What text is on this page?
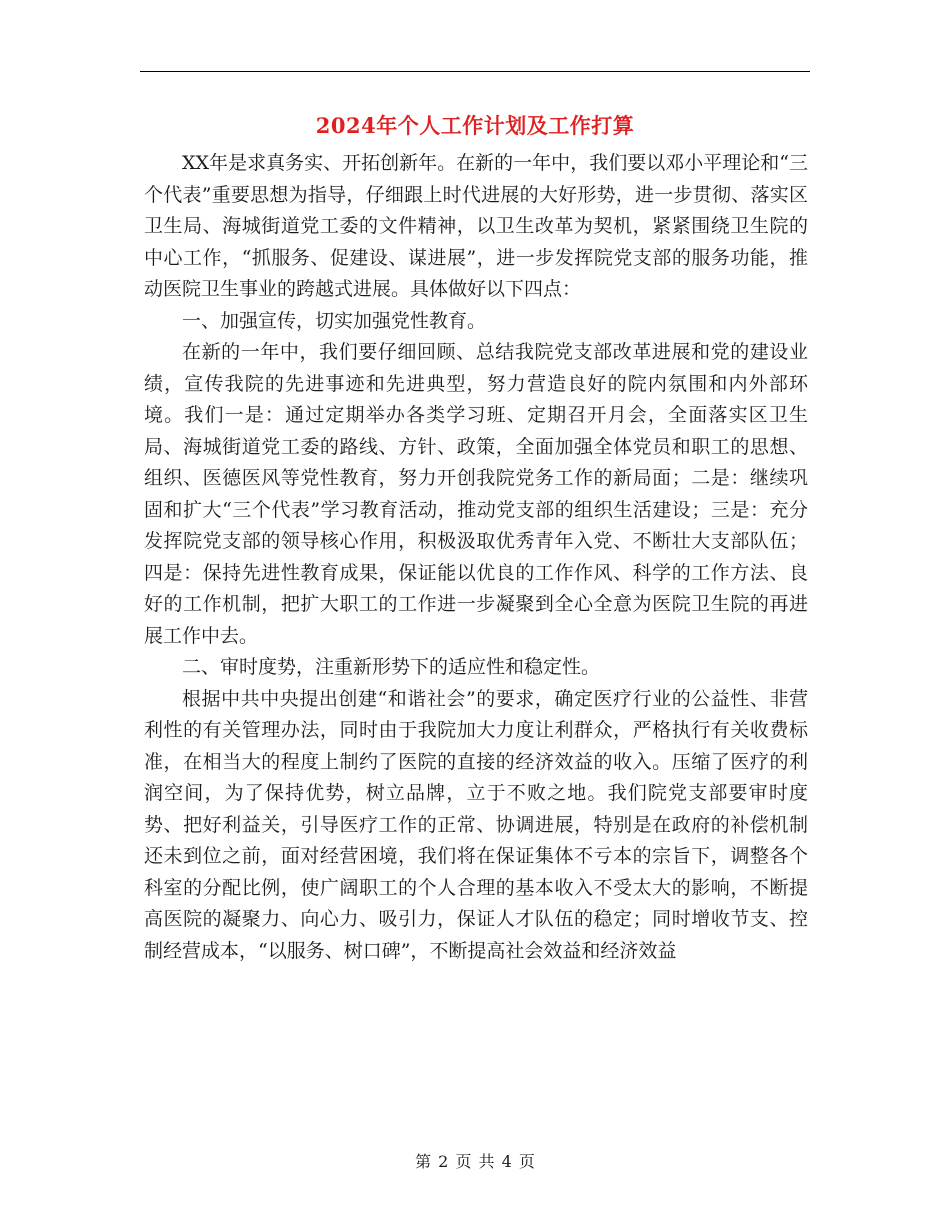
2024年个人工作计划及工作打算

XX年是求真务实、开拓创新年。在新的一年中，我们要以邓小平理论和“三个代表”重要思想为指导，仔细跟上时代进展的大好形势，进一步贯彻、落实区卫生局、海城街道党工委的文件精神，以卫生改革为契机，紧紧围绕卫生院的中心工作，“抓服务、促建设、谋进展”，进一步发挥院党支部的服务功能，推动医院卫生事业的跨越式进展。具体做好以下四点：

一、加强宣传，切实加强党性教育。

在新的一年中，我们要仔细回顾、总结我院党支部改革进展和党的建设业绩，宣传我院的先进事迹和先进典型，努力营造良好的院内氛围和内外部环境。我们一是：通过定期举办各类学习班、定期召开月会，全面落实区卫生局、海城街道党工委的路线、方针、政策，全面加强全体党员和职工的思想、组织、医德医风等党性教育，努力开创我院党务工作的新局面；二是：继续巩固和扩大“三个代表”学习教育活动，推动党支部的组织生活建设；三是：充分发挥院党支部的领导核心作用，积极汲取优秀青年入党、不断壮大支部队伍；四是：保持先进性教育成果，保证能以优良的工作作风、科学的工作方法、良好的工作机制，把扩大职工的工作进一步凝聚到全心全意为医院卫生院的再进展工作中去。

二、审时度势，注重新形势下的适应性和稳定性。

根据中共中央提出创建“和谐社会”的要求，确定医疗行业的公益性、非营利性的有关管理办法，同时由于我院加大力度让利群众，严格执行有关收费标准，在相当大的程度上制约了医院的直接的经济效益的收入。压缩了医疗的利润空间，为了保持优势，树立品牌，立于不败之地。我们院党支部要审时度势、把好利益关，引导医疗工作的正常、协调进展，特别是在政府的补偿机制还未到位之前，面对经营困境，我们将在保证集体不亏本的宗旨下，调整各个科室的分配比例，使广阔职工的个人合理的基本收入不受太大的影响，不断提高医院的凝聚力、向心力、吸引力，保证人才队伍的稳定；同时增收节支、控制经营成本，“以服务、树口碑”，不断提高社会效益和经济效益

第 2 页 共 4 页
